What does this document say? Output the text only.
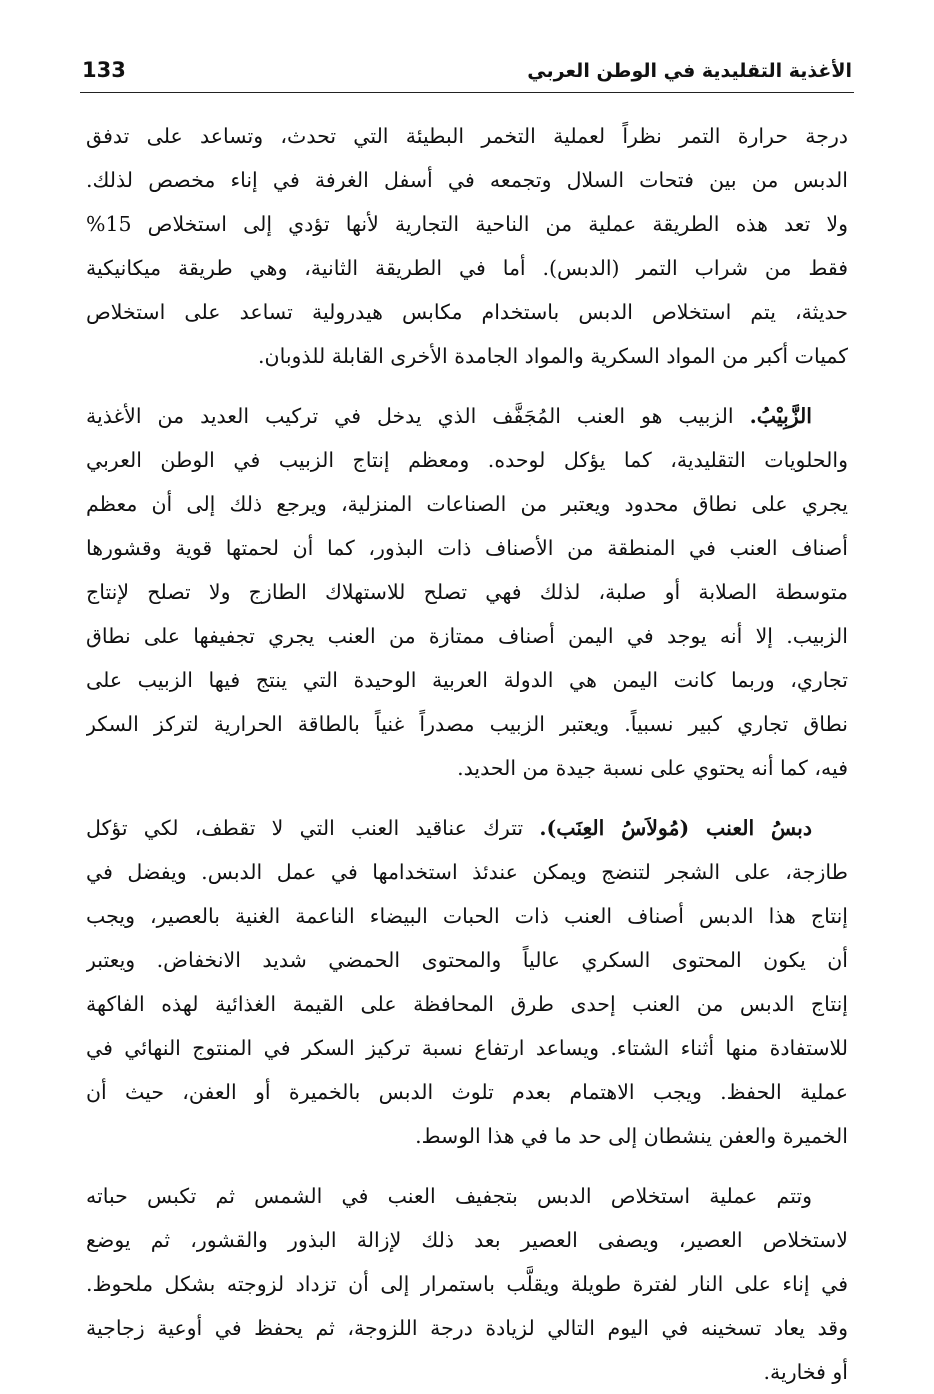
الأغذية التقليدية في الوطن العربي
133
درجة حرارة التمر نظراً لعملية التخمر البطيئة التي تحدث، وتساعد على تدفق
الدبس من بين فتحات السلال وتجمعه في أسفل الغرفة في إناء مخصص لذلك.
ولا تعد هذه الطريقة عملية من الناحية التجارية لأنها تؤدي إلى استخلاص 15%
فقط من شراب التمر (الدبس). أما في الطريقة الثانية، وهي طريقة ميكانيكية
حديثة، يتم استخلاص الدبس باستخدام مكابس هيدرولية تساعد على استخلاص
كميات أكبر من المواد السكرية والمواد الجامدة الأخرى القابلة للذوبان.
الزَّبِيْبُ. الزبيب هو العنب المُجَفَّف الذي يدخل في تركيب العديد من الأغذية
والحلويات التقليدية، كما يؤكل لوحده. ومعظم إنتاج الزبيب في الوطن العربي
يجري على نطاق محدود ويعتبر من الصناعات المنزلية، ويرجع ذلك إلى أن معظم
أصناف العنب في المنطقة من الأصناف ذات البذور، كما أن لحمتها قوية وقشورها
متوسطة الصلابة أو صلبة، لذلك فهي تصلح للاستهلاك الطازج ولا تصلح لإنتاج
الزبيب. إلا أنه يوجد في اليمن أصناف ممتازة من العنب يجري تجفيفها على نطاق
تجاري، وربما كانت اليمن هي الدولة العربية الوحيدة التي ينتج فيها الزبيب على
نطاق تجاري كبير نسبياً. ويعتبر الزبيب مصدراً غنياً بالطاقة الحرارية لتركز السكر
فيه، كما أنه يحتوي على نسبة جيدة من الحديد.
دبسُ العنب (مُولاَسُ العِنَب). تترك عناقيد العنب التي لا تقطف، لكي تؤكل
طازجة، على الشجر لتنضج ويمكن عندئذ استخدامها في عمل الدبس. ويفضل في
إنتاج هذا الدبس أصناف العنب ذات الحبات البيضاء الناعمة الغنية بالعصير، ويجب
أن يكون المحتوى السكري عالياً والمحتوى الحمضي شديد الانخفاض. ويعتبر
إنتاج الدبس من العنب إحدى طرق المحافظة على القيمة الغذائية لهذه الفاكهة
للاستفادة منها أثناء الشتاء. ويساعد ارتفاع نسبة تركيز السكر في المنتوج النهائي في
عملية الحفظ. ويجب الاهتمام بعدم تلوث الدبس بالخميرة أو العفن، حيث أن
الخميرة والعفن ينشطان إلى حد ما في هذا الوسط.
وتتم عملية استخلاص الدبس بتجفيف العنب في الشمس ثم تكبس حباته
لاستخلاص العصير، ويصفى العصير بعد ذلك لإزالة البذور والقشور، ثم يوضع
في إناء على النار لفترة طويلة ويقلَّب باستمرار إلى أن تزداد لزوجته بشكل ملحوظ.
وقد يعاد تسخينه في اليوم التالي لزيادة درجة اللزوجة، ثم يحفظ في أوعية زجاجية
أو فخارية.
